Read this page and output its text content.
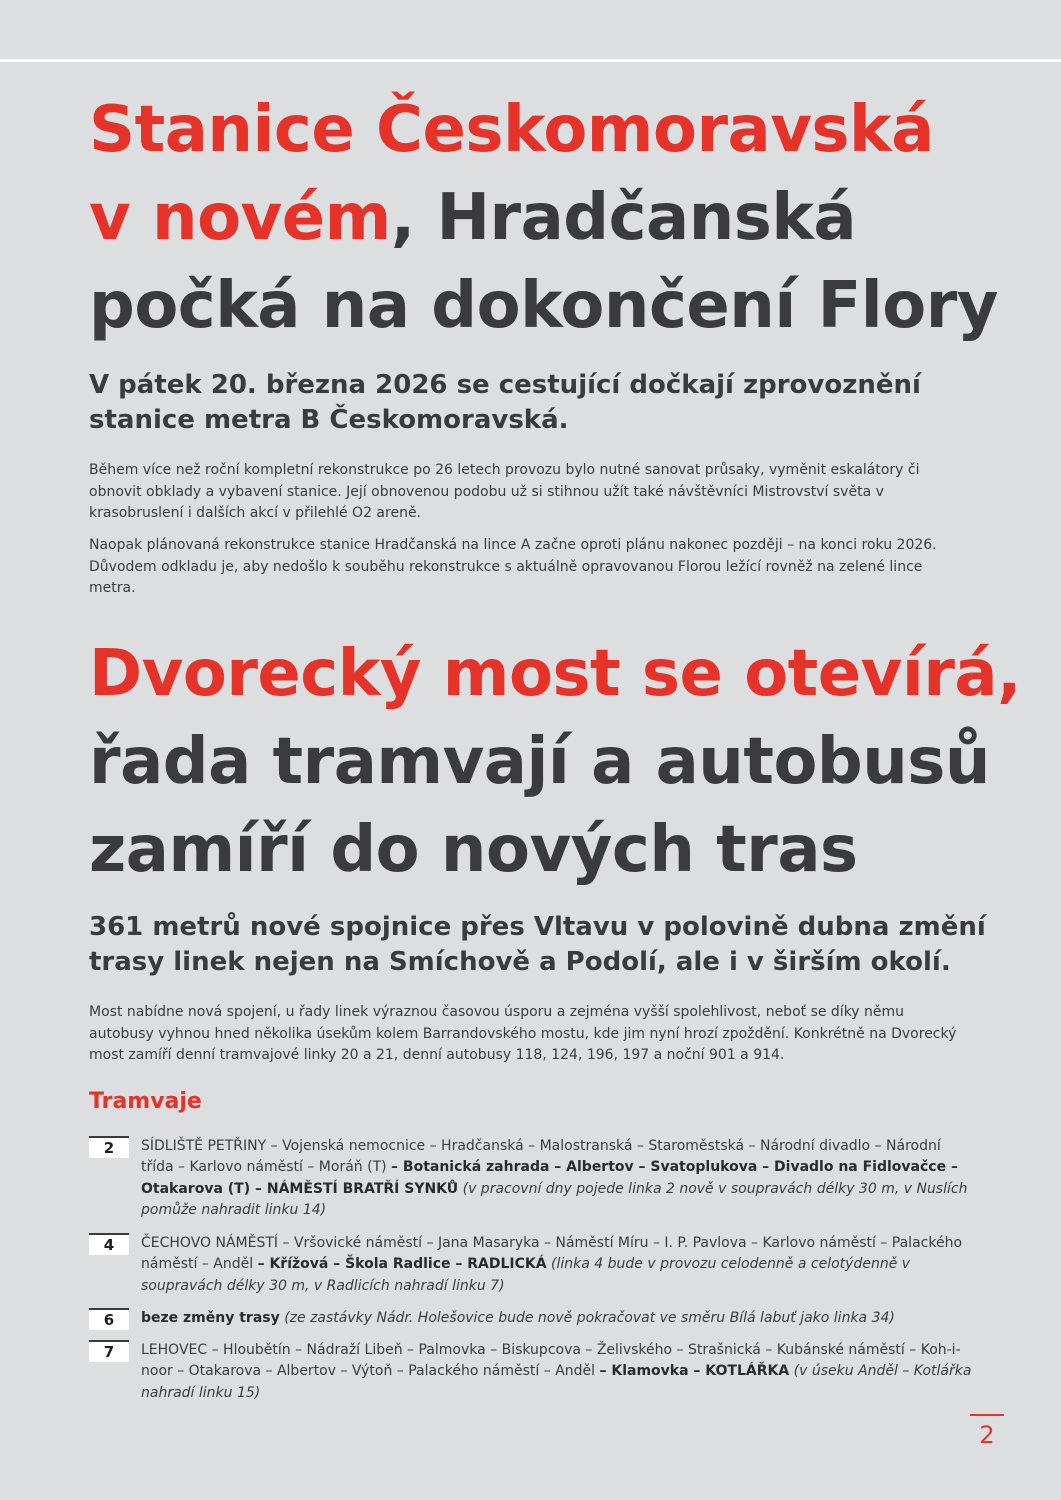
Stanice Českomoravská
v novém, Hradčanská
počká na dokončení Flory

V pátek 20. března 2026 se cestující dočkají zprovoznění
stanice metra B Českomoravská.

Během více než roční kompletní rekonstrukce po 26 letech provozu bylo nutné sanovat průsaky, vyměnit eskalátory či obnovit obklady a vybavení stanice. Její obnovenou podobu už si stihnou užít také návštěvníci Mistrovství světa v krasobruslení i dalších akcí v přilehlé O2 areně.

Naopak plánovaná rekonstrukce stanice Hradčanská na lince A začne oproti plánu nakonec později – na konci roku 2026. Důvodem odkladu je, aby nedošlo k souběhu rekonstrukce s aktuálně opravovanou Florou ležící rovněž na zelené lince metra.

Dvorecký most se otevírá,
řada tramvají a autobusů
zamíří do nových tras

361 metrů nové spojnice přes Vltavu v polovině dubna změní
trasy linek nejen na Smíchově a Podolí, ale i v širším okolí.

Most nabídne nová spojení, u řady linek výraznou časovou úsporu a zejména vyšší spolehlivost, neboť se díky němu autobusy vyhnou hned několika úsekům kolem Barrandovského mostu, kde jim nyní hrozí zpoždění. Konkrétně na Dvorecký most zamíří denní tramvajové linky 20 a 21, denní autobusy 118, 124, 196, 197 a noční 901 a 914.

Tramvaje
2	SÍDLIŠTĚ PETŘINY – Vojenská nemocnice – Hradčanská – Malostranská – Staroměstská – Národní divadlo – Národní třída – Karlovo náměstí – Moráň (T) – Botanická zahrada – Albertov – Svatoplukova – Divadlo na Fidlovačce – Otakarova (T) – NÁMĚSTÍ BRATŘÍ SYNKŮ (v pracovní dny pojede linka 2 nově v soupravách délky 30 m, v Nuslích pomůže nahradit linku 14)

4	ČECHOVO NÁMĚSTÍ – Vršovické náměstí – Jana Masaryka – Náměstí Míru – I. P. Pavlova – Karlovo náměstí – Palackého náměstí – Anděl – Křížová – Škola Radlice – RADLICKÁ (linka 4 bude v provozu celodenně a celotýdenně v soupravách délky 30 m, v Radlicích nahradí linku 7)

6	beze změny trasy (ze zastávky Nádr. Holešovice bude nově pokračovat ve směru Bílá labuť jako linka 34)

7	LEHOVEC – Hloubětín – Nádraží Libeň – Palmovka – Biskupcova – Želivského – Strašnická – Kubánské náměstí – Koh-i-noor – Otakarova – Albertov – Výtoň – Palackého náměstí – Anděl – Klamovka – KOTLÁŘKA (v úseku Anděl – Kotlářka nahradí linku 15)

2
